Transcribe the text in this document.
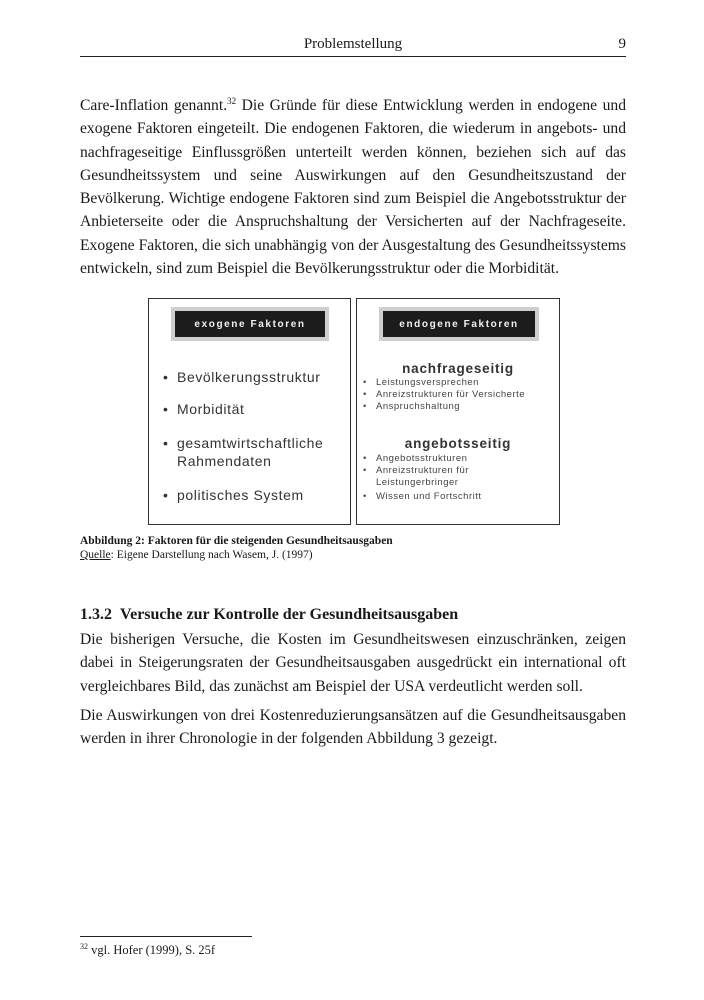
Problemstellung	9

Care-Inflation genannt.$^{32}$ Die Gründe für diese Entwicklung werden in endogene und exogene Faktoren eingeteilt. Die endogenen Faktoren, die wiederum in angebots- und nachfrageseitige Einflussgrößen unterteilt werden können, beziehen sich auf das Gesundheitssystem und seine Auswirkungen auf den Gesundheitszustand der Bevölkerung. Wichtige endogene Faktoren sind zum Beispiel die Angebotsstruktur der Anbieterseite oder die Anspruchshaltung der Versicherten auf der Nachfrageseite. Exogene Faktoren, die sich unabhängig von der Ausgestaltung des Gesundheitssystems entwickeln, sind zum Beispiel die Bevölkerungsstruktur oder die Morbidität.

exogene Faktoren
• Bevölkerungsstruktur
• Morbidität
• gesamtwirtschaftliche Rahmendaten
• politisches System
endogene Faktoren
nachfrageseitig
• Leistungsversprechen
• Anreizstrukturen für Versicherte
• Anspruchshaltung
angebotsseitig
• Angebotsstrukturen
• Anreizstrukturen für Leistungerbringer
• Wissen und Fortschritt
Abbildung 2: Faktoren für die steigenden Gesundheitsausgaben
Quelle: Eigene Darstellung nach Wasem, J. (1997)
1.3.2 Versuche zur Kontrolle der Gesundheitsausgaben

Die bisherigen Versuche, die Kosten im Gesundheitswesen einzuschränken, zeigen dabei in Steigerungsraten der Gesundheitsausgaben ausgedrückt ein international oft vergleichbares Bild, das zunächst am Beispiel der USA verdeutlicht werden soll.

Die Auswirkungen von drei Kostenreduzierungsansätzen auf die Gesundheitsausgaben werden in ihrer Chronologie in der folgenden Abbildung 3 gezeigt.

$^{32}$ vgl. Hofer (1999), S. 25f
